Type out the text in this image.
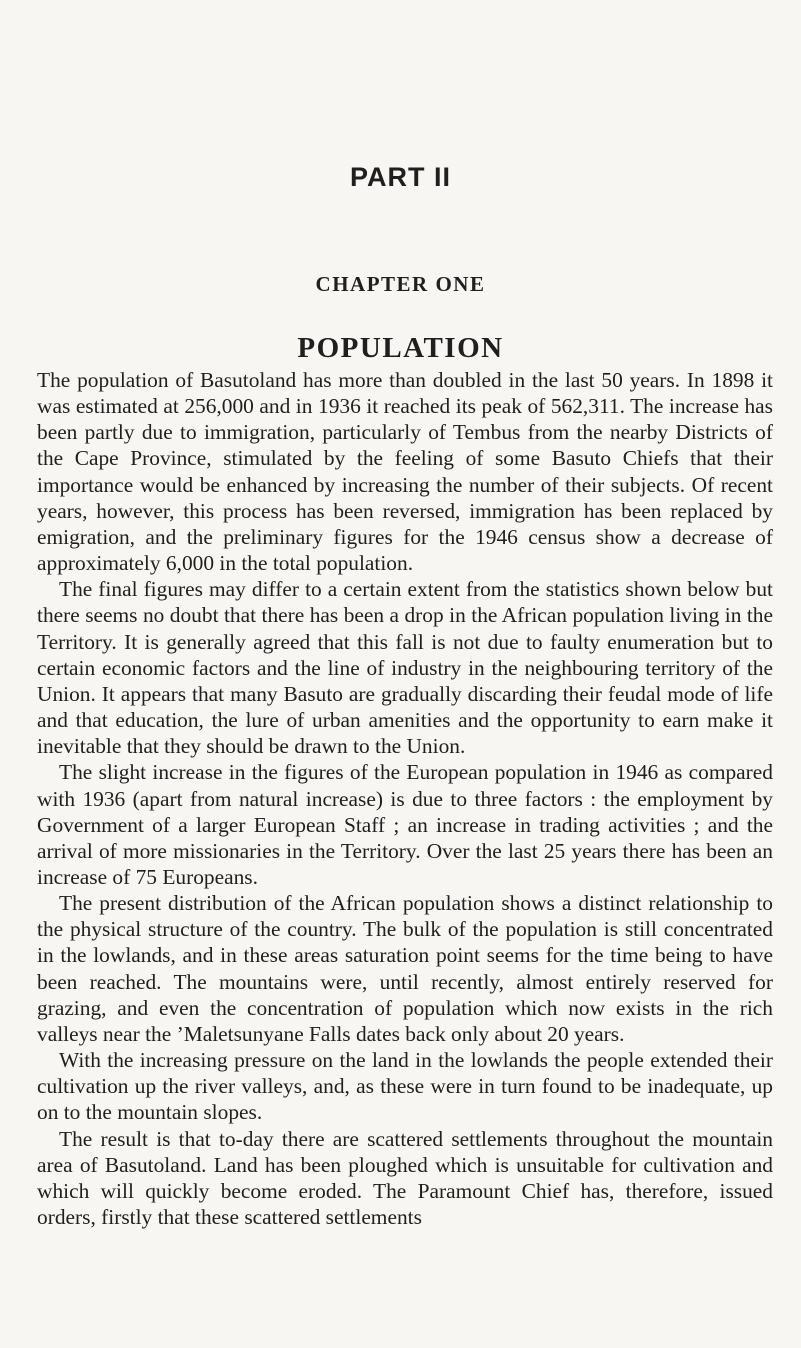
PART II
CHAPTER ONE
POPULATION

The population of Basutoland has more than doubled in the last 50 years. In 1898 it was estimated at 256,000 and in 1936 it reached its peak of 562,311. The increase has been partly due to immigration, particularly of Tembus from the nearby Districts of the Cape Province, stimulated by the feeling of some Basuto Chiefs that their importance would be enhanced by increasing the number of their subjects. Of recent years, however, this process has been reversed, immigration has been replaced by emigration, and the preliminary figures for the 1946 census show a decrease of approximately 6,000 in the total population.

The final figures may differ to a certain extent from the statistics shown below but there seems no doubt that there has been a drop in the African population living in the Territory. It is generally agreed that this fall is not due to faulty enumeration but to certain economic factors and the line of industry in the neighbouring territory of the Union. It appears that many Basuto are gradually discarding their feudal mode of life and that education, the lure of urban amenities and the opportunity to earn make it inevitable that they should be drawn to the Union.

The slight increase in the figures of the European population in 1946 as compared with 1936 (apart from natural increase) is due to three factors : the employment by Government of a larger European Staff ; an increase in trading activities ; and the arrival of more missionaries in the Territory. Over the last 25 years there has been an increase of 75 Europeans.

The present distribution of the African population shows a distinct relationship to the physical structure of the country. The bulk of the population is still concentrated in the lowlands, and in these areas saturation point seems for the time being to have been reached. The mountains were, until recently, almost entirely reserved for grazing, and even the concentration of population which now exists in the rich valleys near the ’Maletsunyane Falls dates back only about 20 years.

With the increasing pressure on the land in the lowlands the people extended their cultivation up the river valleys, and, as these were in turn found to be inadequate, up on to the mountain slopes.

The result is that to-day there are scattered settlements throughout the mountain area of Basutoland. Land has been ploughed which is unsuitable for cultivation and which will quickly become eroded. The Paramount Chief has, therefore, issued orders, firstly that these scattered settlements
